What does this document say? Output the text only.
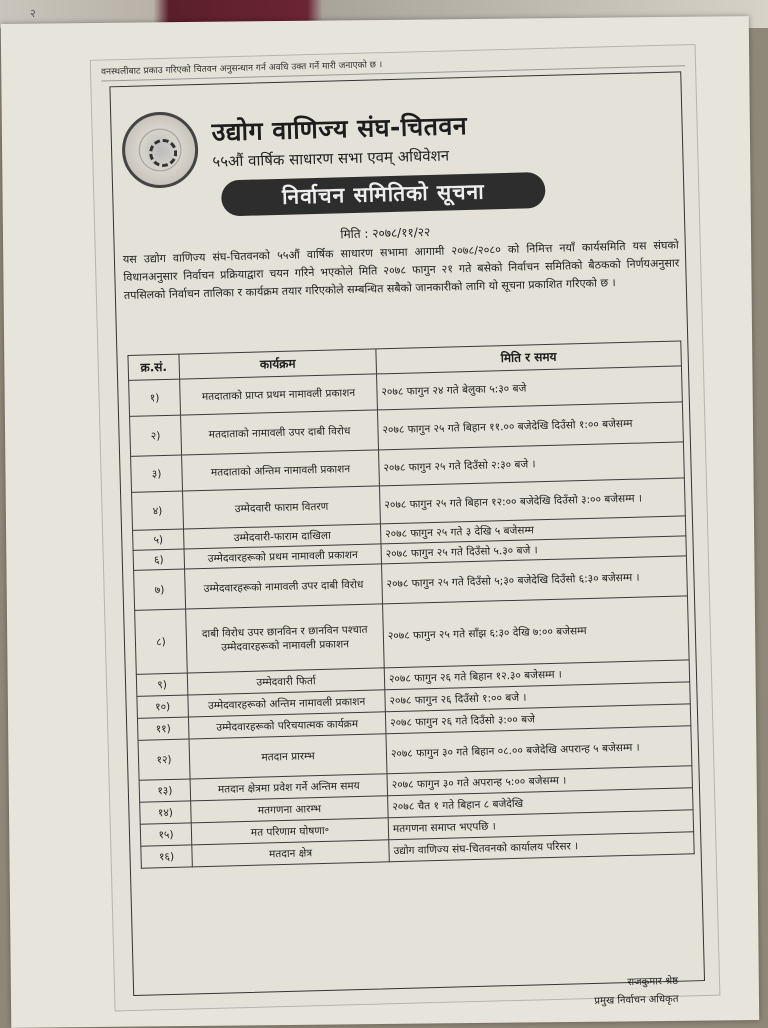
२
वनस्थलीबाट प्रकाउ गरिएको चितवन अनुसन्धान गर्न अवधि उक्त गर्ने मारी जनाएको छ ।
उद्योग वाणिज्य संघ-चितवन
५५औं वार्षिक साधारण सभा एवम् अधिवेशन
निर्वाचन समितिको सूचना
मिति : २०७८/११/२२
यस उद्योग वाणिज्य संघ-चितवनको ५५औं वार्षिक साधारण सभामा आगामी २०७८/२०८० को निमित्त नयाँ कार्यसमिति यस संघको विधानअनुसार निर्वाचन प्रक्रियाद्वारा चयन गरिने भएकोले मिति २०७८ फागुन २१ गते बसेको निर्वाचन समितिको बैठकको निर्णयअनुसार तपसिलको निर्वाचन तालिका र कार्यक्रम तयार गरिएकोले सम्बन्धित सबैको जानकारीको लागि यो सूचना प्रकाशित गरिएको छ ।
क्र.सं.	कार्यक्रम	मिति र समय
१)	मतदाताको प्राप्त प्रथम नामावली प्रकाशन	२०७८ फागुन २४ गते बेलुका ५:३० बजे
२)	मतदाताको नामावली उपर दाबी विरोध	२०७८ फागुन २५ गते बिहान ११.०० बजेदेखि दिउँसो १:०० बजेसम्म
३)	मतदाताको अन्तिम नामावली प्रकाशन	२०७८ फागुन २५ गते दिउँसो २:३० बजे ।
४)	उम्मेदवारी फाराम वितरण	२०७८ फागुन २५ गते बिहान १२:०० बजेदेखि दिउँसो ३:०० बजेसम्म ।
५)	उम्मेदवारी-फाराम दाखिला	२०७८ फागुन २५ गते ३ देखि ५ बजेसम्म
६)	उम्मेदवारहरूको प्रथम नामावली प्रकाशन	२०७८ फागुन २५ गते दिउँसो ५.३० बजे ।
७)	उम्मेदवारहरूको नामावली उपर दाबी विरोध	२०७८ फागुन २५ गते दिउँसो ५;३० बजेदेखि दिउँसो ६:३० बजेसम्म ।
८)	दाबी विरोध उपर छानविन र छानविन पश्चात उम्मेदवारहरूको नामावली प्रकाशन	२०७८ फागुन २५ गते साँझ ६:३० देखि ७:०० बजेसम्म
९)	उम्मेदवारी फिर्ता	२०७८ फागुन २६ गते बिहान १२.३० बजेसम्म ।
१०)	उम्मेदवारहरूको अन्तिम नामावली प्रकाशन	२०७८ फागुन २६ दिउँसो १:०० बजे ।
११)	उम्मेदवारहरूको परिचयात्मक कार्यक्रम	२०७८ फागुन २६ गते दिउँसो ३:०० बजे
१२)	मतदान प्रारम्भ	२०७८ फागुन ३० गते बिहान ०८.०० बजेदेखि अपरान्ह ५ बजेसम्म ।
१३)	मतदान क्षेत्रमा प्रवेश गर्ने अन्तिम समय	२०७८ फागुन ३० गते अपरान्ह ५:०० बजेसम्म ।
१४)	मतगणना आरम्भ	२०७८ चैत १ गते बिहान ८ बजेदेखि
१५)	मत परिणाम घोषणा॰	मतगणना समाप्त भएपछि ।
१६)	मतदान क्षेत्र	उद्योग वाणिज्य संघ-चितवनको कार्यालय परिसर ।
राजकुमार श्रेष्ठ
प्रमुख निर्वाचन अधिकृत
